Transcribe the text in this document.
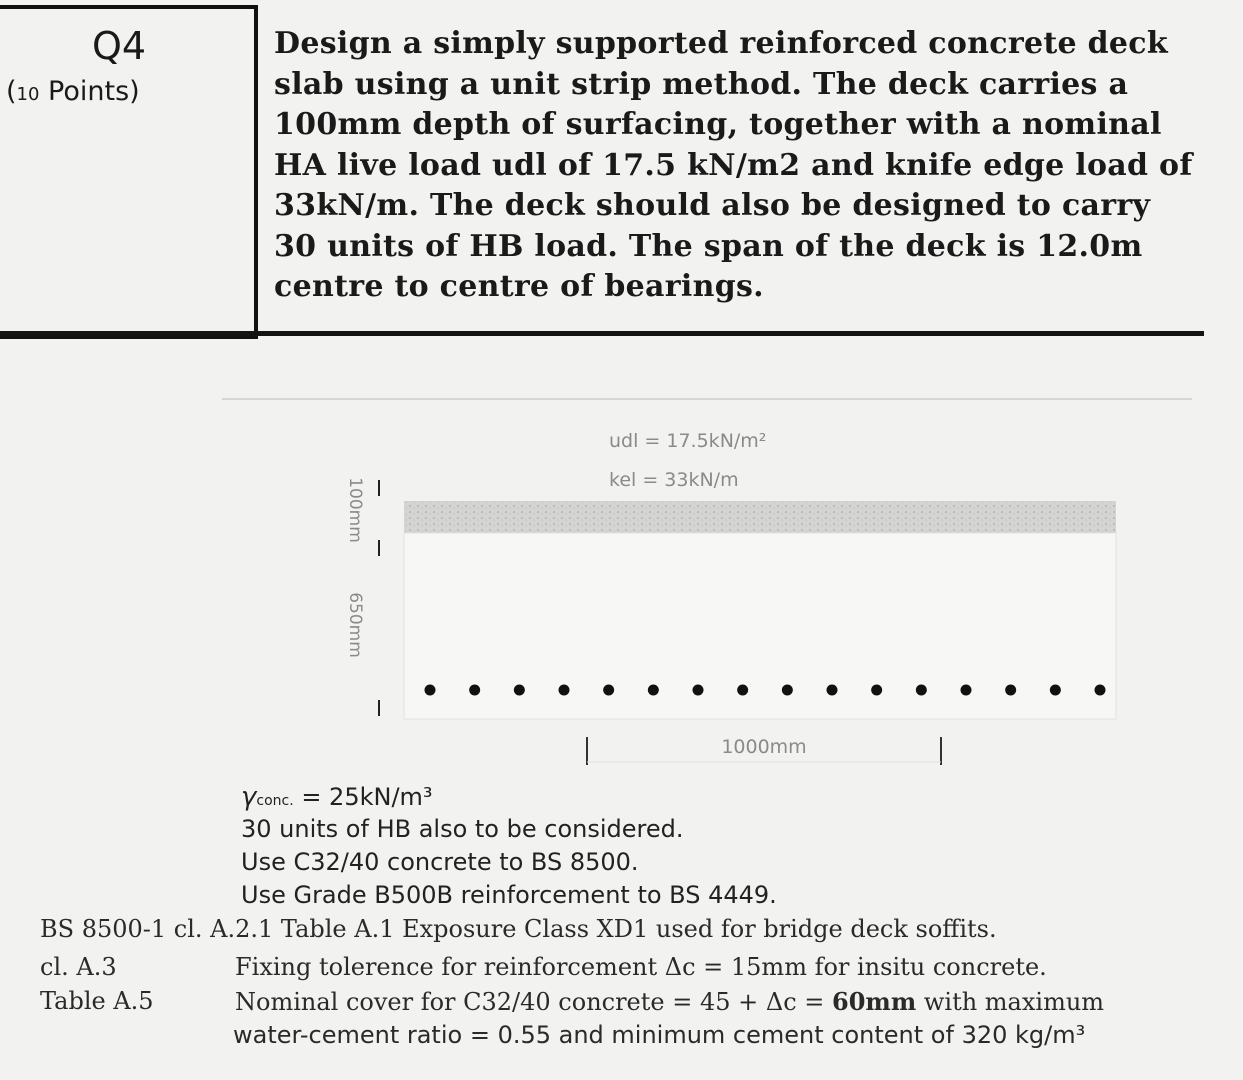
Q4
(10 Points)
Design a simply supported reinforced concrete deck
slab using a unit strip method. The deck carries a
100mm depth of surfacing, together with a nominal
HA live load udl of 17.5 kN/m2 and knife edge load of
33kN/m. The deck should also be designed to carry
30 units of HB load. The span of the deck is 12.0m
centre to centre of bearings.
100mm
650mm
udl = 17.5kN/m²
kel = 33kN/m
1000mm
γconc. = 25kN/m³
30 units of HB also to be considered.
Use C32/40 concrete to BS 8500.
Use Grade B500B reinforcement to BS 4449.
BS 8500-1 cl. A.2.1 Table A.1 Exposure Class XD1 used for bridge deck soffits.
cl. A.3	Fixing tolerence for reinforcement Δc = 15mm for insitu concrete.
Table A.5	Nominal cover for C32/40 concrete = 45 + Δc = 60mm with maximum
water-cement ratio = 0.55 and minimum cement content of 320 kg/m³
